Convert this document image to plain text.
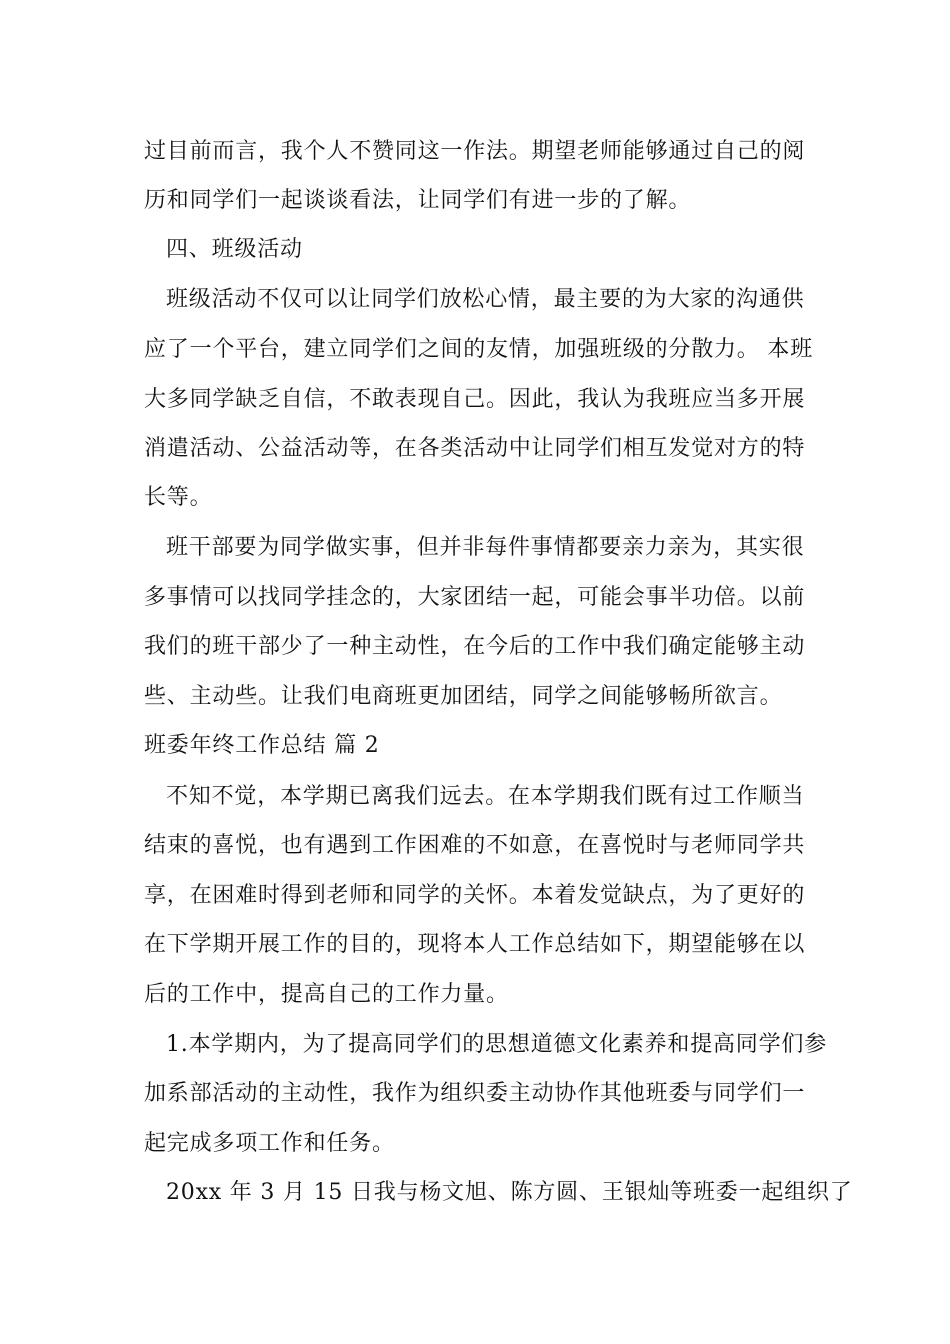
过目前而言，我个人不赞同这一作法。期望老师能够通过自己的阅
历和同学们一起谈谈看法，让同学们有进一步的了解。
四、班级活动
班级活动不仅可以让同学们放松心情，最主要的为大家的沟通供
应了一个平台，建立同学们之间的友情，加强班级的分散力。 本班
大多同学缺乏自信，不敢表现自己。因此，我认为我班应当多开展
消遣活动、公益活动等，在各类活动中让同学们相互发觉对方的特
长等。
班干部要为同学做实事，但并非每件事情都要亲力亲为，其实很
多事情可以找同学挂念的，大家团结一起，可能会事半功倍。以前
我们的班干部少了一种主动性，在今后的工作中我们确定能够主动
些、主动些。让我们电商班更加团结，同学之间能够畅所欲言。
班委年终工作总结 篇 2
不知不觉，本学期已离我们远去。在本学期我们既有过工作顺当
结束的喜悦，也有遇到工作困难的不如意，在喜悦时与老师同学共
享，在困难时得到老师和同学的关怀。本着发觉缺点，为了更好的
在下学期开展工作的目的，现将本人工作总结如下，期望能够在以
后的工作中，提高自己的工作力量。
1.本学期内，为了提高同学们的思想道德文化素养和提高同学们参
加系部活动的主动性，我作为组织委主动协作其他班委与同学们一
起完成多项工作和任务。
20xx 年 3 月 15 日我与杨文旭、陈方圆、王银灿等班委一起组织了
